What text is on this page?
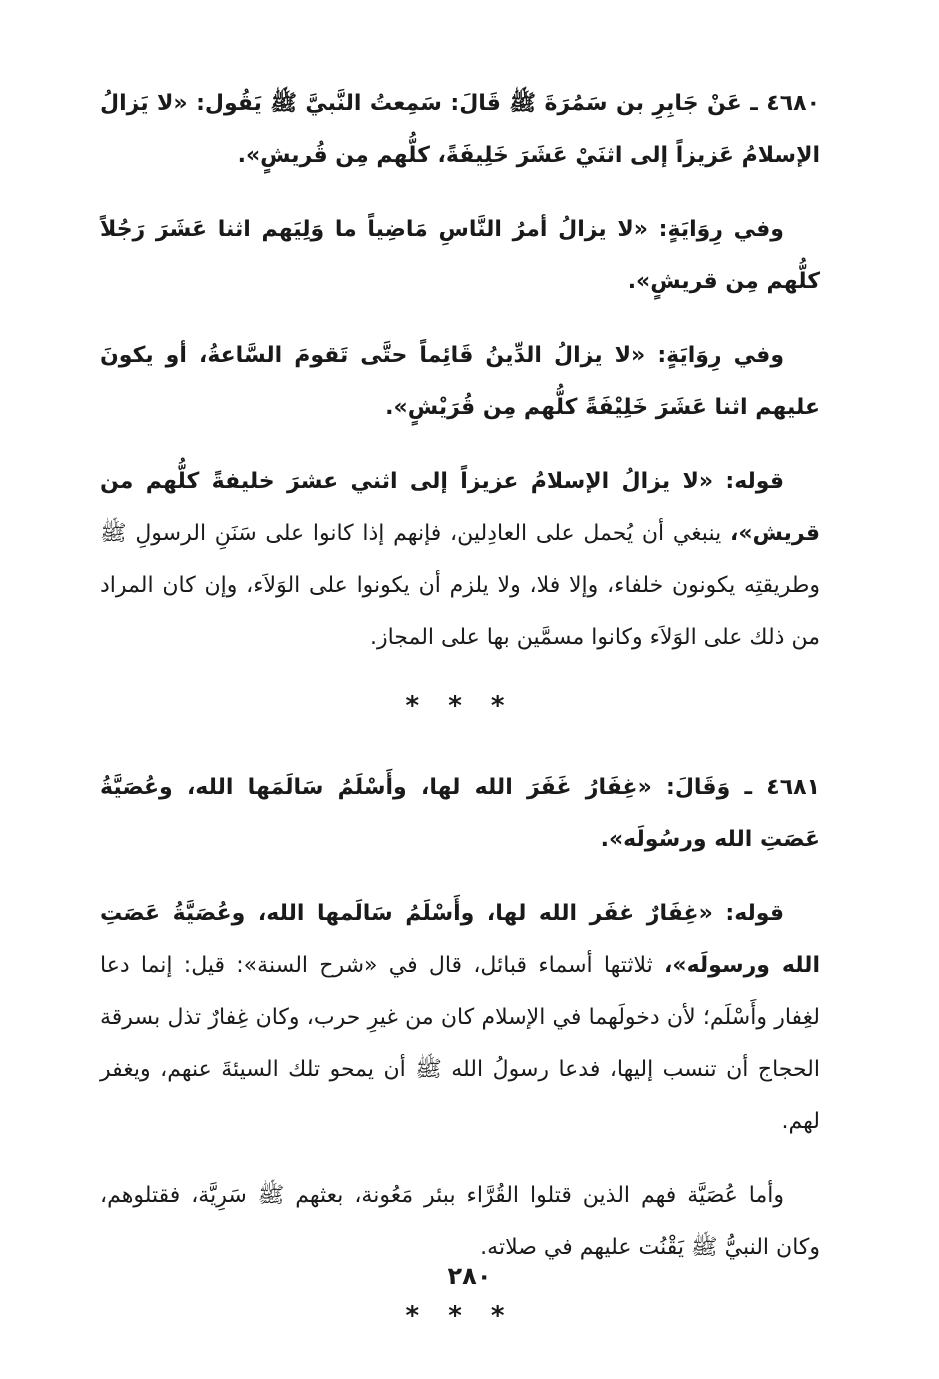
٤٦٨٠ ـ عَنْ جَابِرِ بن سَمُرَةَ ﷺ قَالَ: سَمِعتُ النَّبيَّ ﷺ يَقُول: «لا يَزالُ الإسلامُ عَزيزاً إلى اثنَيْ عَشَرَ خَلِيفَةً، كلُّهم مِن قُريشٍ».

وفي رِوَايَةٍ: «لا يزالُ أمرُ النَّاسِ مَاضِياً ما وَلِيَهم اثنا عَشَرَ رَجُلاً كلُّهم مِن قريشٍ».

وفي رِوَايَةٍ: «لا يزالُ الدِّينُ قَائِماً حتَّى تَقومَ السَّاعةُ، أو يكونَ عليهم اثنا عَشَرَ خَلِيْفَةً كلُّهم مِن قُرَيْشٍ».

قوله: «لا يزالُ الإسلامُ عزيزاً إلى اثني عشرَ خليفةً كلُّهم من قريش»، ينبغي أن يُحمل على العادِلين، فإنهم إذا كانوا على سَنَنِ الرسولِ ﷺ وطريقتِه يكونون خلفاء، وإلا فلا، ولا يلزم أن يكونوا على الوَلاَء، وإن كان المراد من ذلك على الوَلاَء وكانوا مسمَّين بها على المجاز.

* * *

٤٦٨١ ـ وَقَالَ: «غِفَارُ غَفَرَ الله لها، وأَسْلَمُ سَالَمَها الله، وعُصَيَّةُ عَصَتِ الله ورسُولَه».

قوله: «غِفَارٌ غفَر الله لها، وأَسْلَمُ سَالَمها الله، وعُصَيَّةُ عَصَتِ الله ورسولَه»، ثلاثتها أسماء قبائل، قال في «شرح السنة»: قيل: إنما دعا لغِفار وأَسْلَم؛ لأن دخولَهما في الإسلام كان من غيرِ حرب، وكان غِفارٌ تذل بسرقة الحجاج أن تنسب إليها، فدعا رسولُ الله ﷺ أن يمحو تلك السيئةَ عنهم، ويغفر لهم.

وأما عُصَيَّة فهم الذين قتلوا القُرَّاء ببئر مَعُونة، بعثهم ﷺ سَرِيَّة، فقتلوهم، وكان النبيُّ ﷺ يَقْنُت عليهم في صلاته.

* * *
٢٨٠
